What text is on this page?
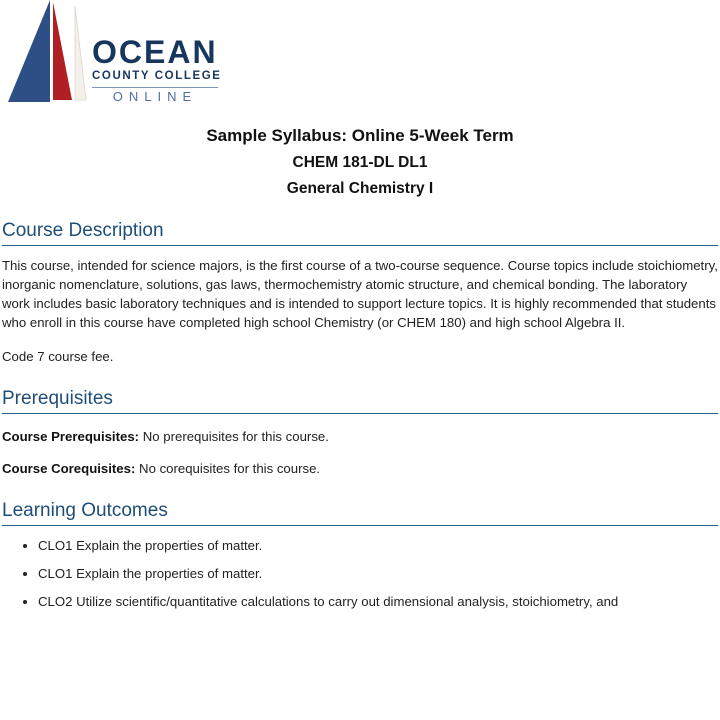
OCEAN
COUNTY COLLEGE
ONLINE
Sample Syllabus: Online 5-Week Term
CHEM 181-DL DL1
General Chemistry I
Course Description

This course, intended for science majors, is the first course of a two-course sequence. Course topics include stoichiometry, inorganic nomenclature, solutions, gas laws, thermochemistry atomic structure, and chemical bonding. The laboratory work includes basic laboratory techniques and is intended to support lecture topics. It is highly recommended that students who enroll in this course have completed high school Chemistry (or CHEM 180) and high school Algebra II.

Code 7 course fee.

Prerequisites

Course Prerequisites: No prerequisites for this course.

Course Corequisites: No corequisites for this course.

Learning Outcomes
• CLO1 Explain the properties of matter.
• CLO1 Explain the properties of matter.
• CLO2 Utilize scientific/quantitative calculations to carry out dimensional analysis, stoichiometry, and
